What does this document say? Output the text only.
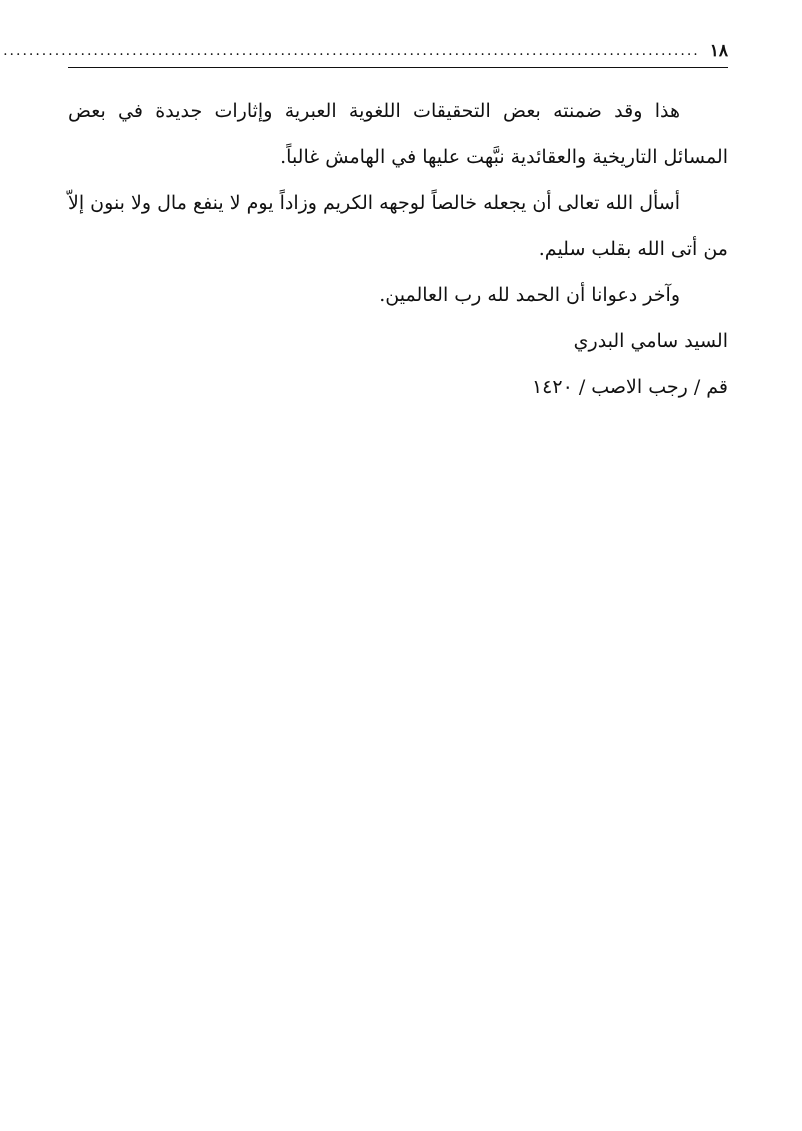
١٨
............................................................................................................

هذا وقد ضمنته بعض التحقيقات اللغوية العبرية وإثارات جديدة في بعض المسائل التاريخية والعقائدية نبَّهت عليها في الهامش غالباً.

أسأل الله تعالى أن يجعله خالصاً لوجهه الكريم وزاداً يوم لا ينفع مال ولا بنون إلاّ من أتى الله بقلب سليم.

وآخر دعوانا أن الحمد لله رب العالمين.

السيد سامي البدري
قم / رجب الاصب / ١٤٢٠
